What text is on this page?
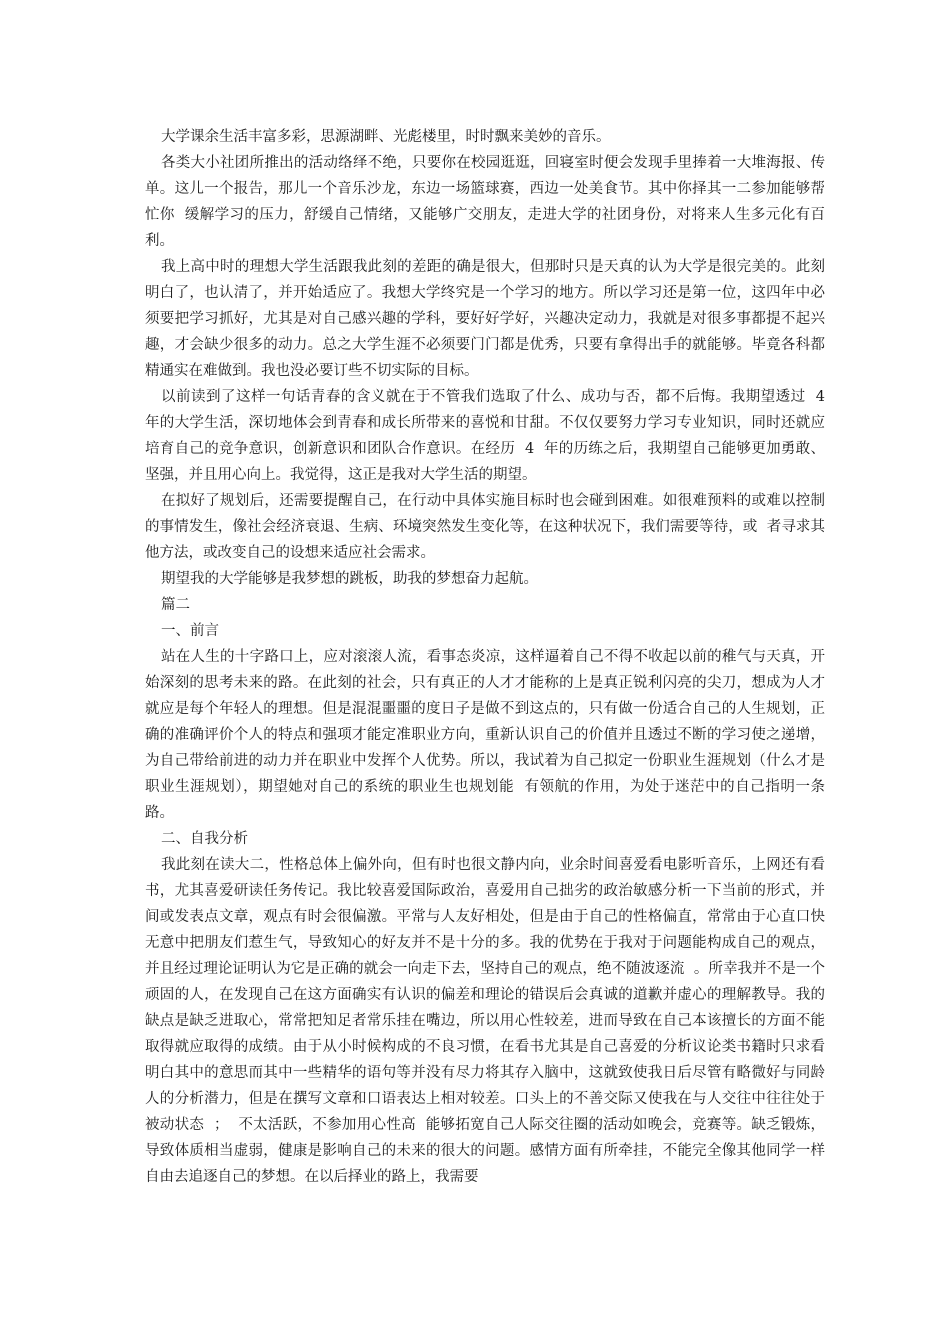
大学课余生活丰富多彩，思源湖畔、光彪楼里，时时飘来美妙的音乐。

各类大小社团所推出的活动络绎不绝，只要你在校园逛逛，回寝室时便会发现手里捧着一大堆海报、传单。这儿一个报告，那儿一个音乐沙龙，东边一场篮球赛，西边一处美食节。其中你择其一二参加能够帮忙你  缓解学习的压力，舒缓自己情绪，又能够广交朋友，走进大学的社团身份，对将来人生多元化有百利。

我上高中时的理想大学生活跟我此刻的差距的确是很大，但那时只是天真的认为大学是很完美的。此刻明白了，也认清了，并开始适应了。我想大学终究是一个学习的地方。所以学习还是第一位，这四年中必须要把学习抓好，尤其是对自己感兴趣的学科，要好好学好，兴趣决定动力，我就是对很多事都提不起兴趣，才会缺少很多的动力。总之大学生涯不必须要门门都是优秀，只要有拿得出手的就能够。毕竟各科都精通实在难做到。我也没必要订些不切实际的目标。

以前读到了这样一句话青春的含义就在于不管我们选取了什么、成功与否，都不后悔。我期望透过  4  年的大学生活，深切地体会到青春和成长所带来的喜悦和甘甜。不仅仅要努力学习专业知识，同时还就应培育自己的竞争意识，创新意识和团队合作意识。在经历  4  年的历练之后，我期望自己能够更加勇敢、坚强，并且用心向上。我觉得，这正是我对大学生活的期望。

在拟好了规划后，还需要提醒自己，在行动中具体实施目标时也会碰到困难。如很难预料的或难以控制的事情发生，像社会经济衰退、生病、环境突然发生变化等，在这种状况下，我们需要等待，或  者寻求其他方法，或改变自己的设想来适应社会需求。

期望我的大学能够是我梦想的跳板，助我的梦想奋力起航。

篇二

一、前言

站在人生的十字路口上，应对滚滚人流，看事态炎凉，这样逼着自己不得不收起以前的稚气与天真，开始深刻的思考未来的路。在此刻的社会，只有真正的人才才能称的上是真正锐利闪亮的尖刀，想成为人才就应是每个年轻人的理想。但是混混噩噩的度日子是做不到这点的，只有做一份适合自己的人生规划，正确的准确评价个人的特点和强项才能定准职业方向，重新认识自己的价值并且透过不断的学习使之递增，为自己带给前进的动力并在职业中发挥个人优势。所以，我试着为自己拟定一份职业生涯规划（什么才是职业生涯规划），期望她对自己的系统的职业生也规划能  有领航的作用，为处于迷茫中的自己指明一条路。

二、自我分析

我此刻在读大二，性格总体上偏外向，但有时也很文静内向，业余时间喜爱看电影听音乐，上网还有看书，尤其喜爱研读任务传记。我比较喜爱国际政治，喜爱用自己拙劣的政治敏感分析一下当前的形式，并间或发表点文章，观点有时会很偏激。平常与人友好相处，但是由于自己的性格偏直，常常由于心直口快无意中把朋友们惹生气，导致知心的好友并不是十分的多。我的优势在于我对于问题能构成自己的观点，并且经过理论证明认为它是正确的就会一向走下去，坚持自己的观点，绝不随波逐流  。所幸我并不是一个顽固的人，在发现自己在这方面确实有认识的偏差和理论的错误后会真诚的道歉并虚心的理解教导。我的缺点是缺乏进取心，常常把知足者常乐挂在嘴边，所以用心性较差，进而导致在自己本该擅长的方面不能取得就应取得的成绩。由于从小时候构成的不良习惯，在看书尤其是自己喜爱的分析议论类书籍时只求看明白其中的意思而其中一些精华的语句等并没有尽力将其存入脑中，这就致使我日后尽管有略微好与同龄人的分析潜力，但是在撰写文章和口语表达上相对较差。口头上的不善交际又使我在与人交往中往往处于被动状态  ；  不太活跃，不参加用心性高  能够拓宽自己人际交往圈的活动如晚会，竞赛等。缺乏锻炼，导致体质相当虚弱，健康是影响自己的未来的很大的问题。感情方面有所牵挂，不能完全像其他同学一样自由去追逐自己的梦想。在以后择业的路上，我需要
